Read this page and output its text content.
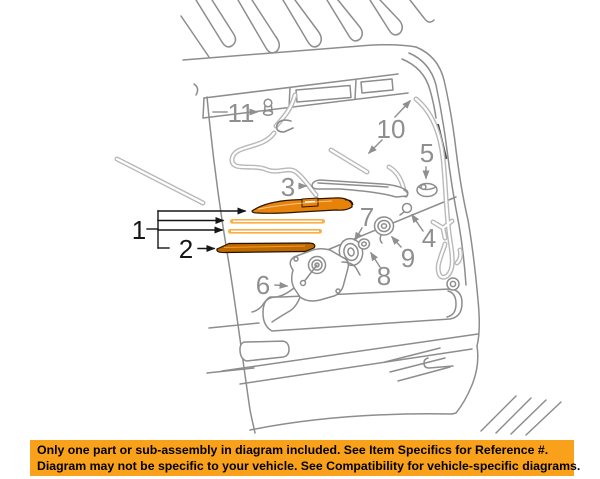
1
2
3
4
5
6
7
8
9
10
11
Only one part or sub-assembly in diagram included. See Item Specifics for Reference #.
Diagram may not be specific to your vehicle. See Compatibility for vehicle-specific diagrams.
